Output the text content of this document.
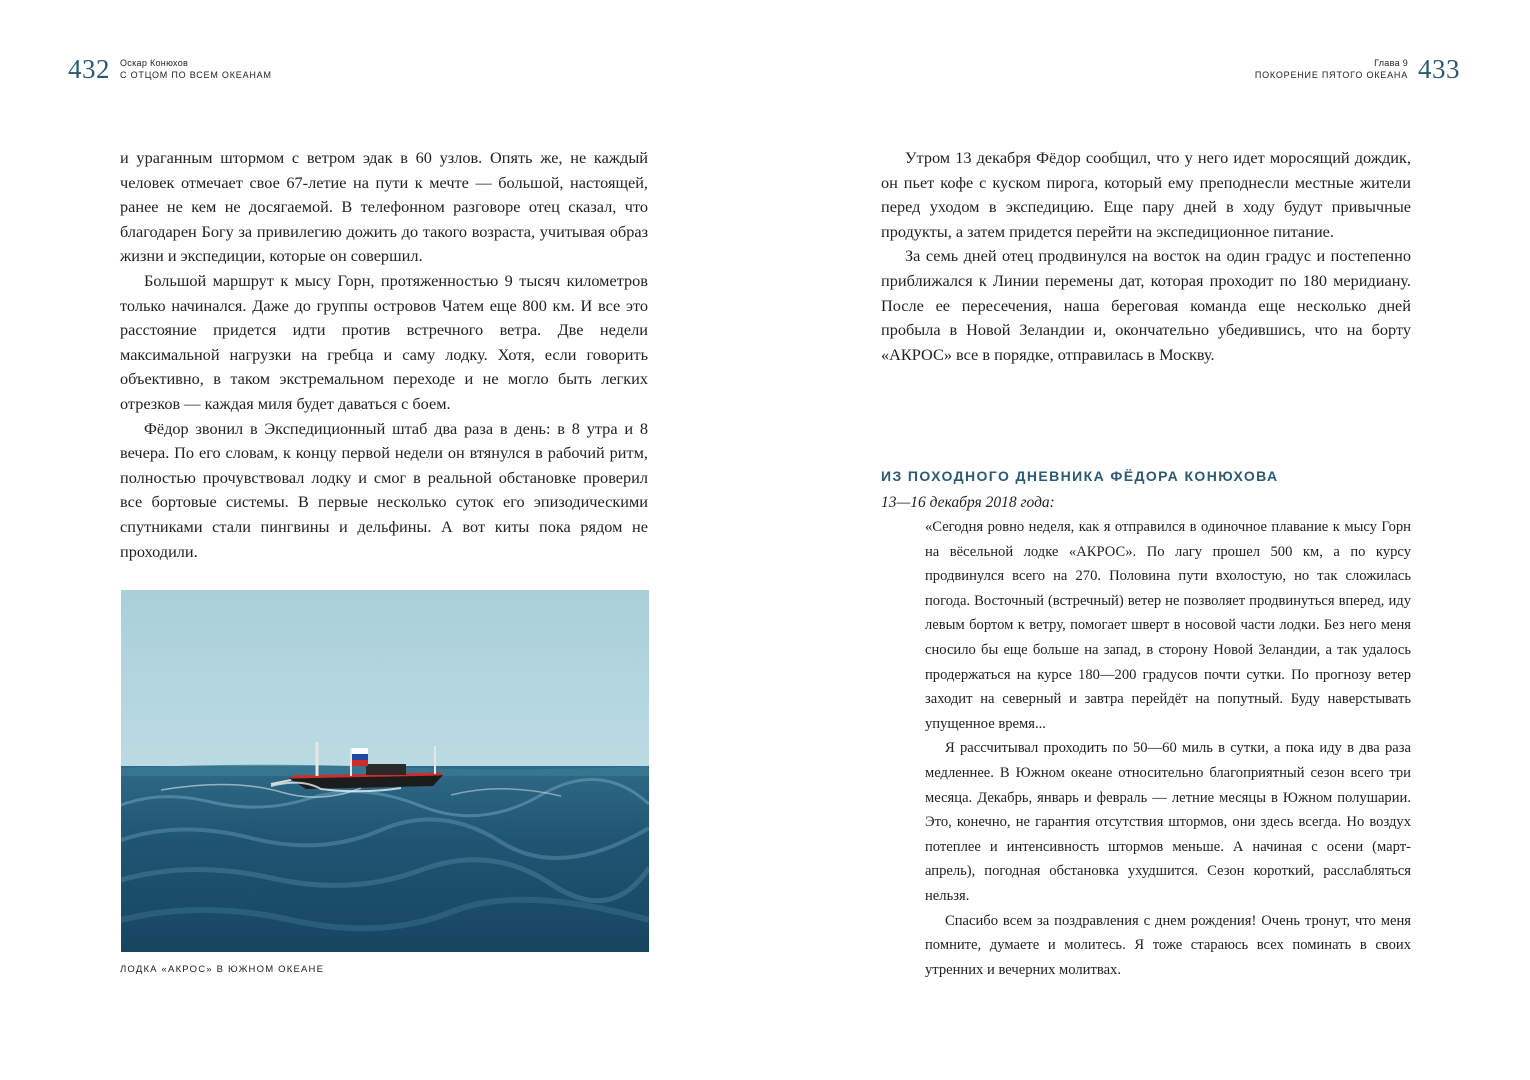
432 Оскар Конюхов
С ОТЦОМ ПО ВСЕМ ОКЕАНАМ

и ураганным штормом с ветром эдак в 60 узлов. Опять же, не каждый человек отмечает свое 67-летие на пути к мечте — большой, настоящей, ранее не кем не досягаемой. В телефонном разговоре отец сказал, что благодарен Богу за привилегию дожить до такого возраста, учитывая образ жизни и экспедиции, которые он совершил.

Большой маршрут к мысу Горн, протяженностью 9 тысяч километров только начинался. Даже до группы островов Чатем еще 800 км. И все это расстояние придется идти против встречного ветра. Две недели максимальной нагрузки на гребца и саму лодку. Хотя, если говорить объективно, в таком экстремальном переходе и не могло быть легких отрезков — каждая миля будет даваться с боем.

Фёдор звонил в Экспедиционный штаб два раза в день: в 8 утра и 8 вечера. По его словам, к концу первой недели он втянулся в рабочий ритм, полностью прочувствовал лодку и смог в реальной обстановке проверил все бортовые системы. В первые несколько суток его эпизодическими спутниками стали пингвины и дельфины. А вот киты пока рядом не проходили.

ЛОДКА «АКРОС» В ЮЖНОМ ОКЕАНЕ
Глава 9
ПОКОРЕНИЕ ПЯТОГО ОКЕАНА 433

Утром 13 декабря Фёдор сообщил, что у него идет моросящий дождик, он пьет кофе с куском пирога, который ему преподнесли местные жители перед уходом в экспедицию. Еще пару дней в ходу будут привычные продукты, а затем придется перейти на экспедиционное питание.

За семь дней отец продвинулся на восток на один градус и постепенно приближался к Линии перемены дат, которая проходит по 180 меридиану. После ее пересечения, наша береговая команда еще несколько дней пробыла в Новой Зеландии и, окончательно убедившись, что на борту «АКРОС» все в порядке, отправилась в Москву.

ИЗ ПОХОДНОГО ДНЕВНИКА ФЁДОРА КОНЮХОВА
13—16 декабря 2018 года:

«Сегодня ровно неделя, как я отправился в одиночное плавание к мысу Горн на вёсельной лодке «АКРОС». По лагу прошел 500 км, а по курсу продвинулся всего на 270. Половина пути вхолостую, но так сложилась погода. Восточный (встречный) ветер не позволяет продвинуться вперед, иду левым бортом к ветру, помогает шверт в носовой части лодки. Без него меня сносило бы еще больше на запад, в сторону Новой Зеландии, а так удалось продержаться на курсе 180—200 градусов почти сутки. По прогнозу ветер заходит на северный и завтра перейдёт на попутный. Буду наверстывать упущенное время...

Я рассчитывал проходить по 50—60 миль в сутки, а пока иду в два раза медленнее. В Южном океане относительно благоприятный сезон всего три месяца. Декабрь, январь и февраль — летние месяцы в Южном полушарии. Это, конечно, не гарантия отсутствия штормов, они здесь всегда. Но воздух потеплее и интенсивность штормов меньше. А начиная с осени (март-апрель), погодная обстановка ухудшится. Сезон короткий, расслабляться нельзя.

Спасибо всем за поздравления с днем рождения! Очень тронут, что меня помните, думаете и молитесь. Я тоже стараюсь всех поминать в своих утренних и вечерних молитвах.
